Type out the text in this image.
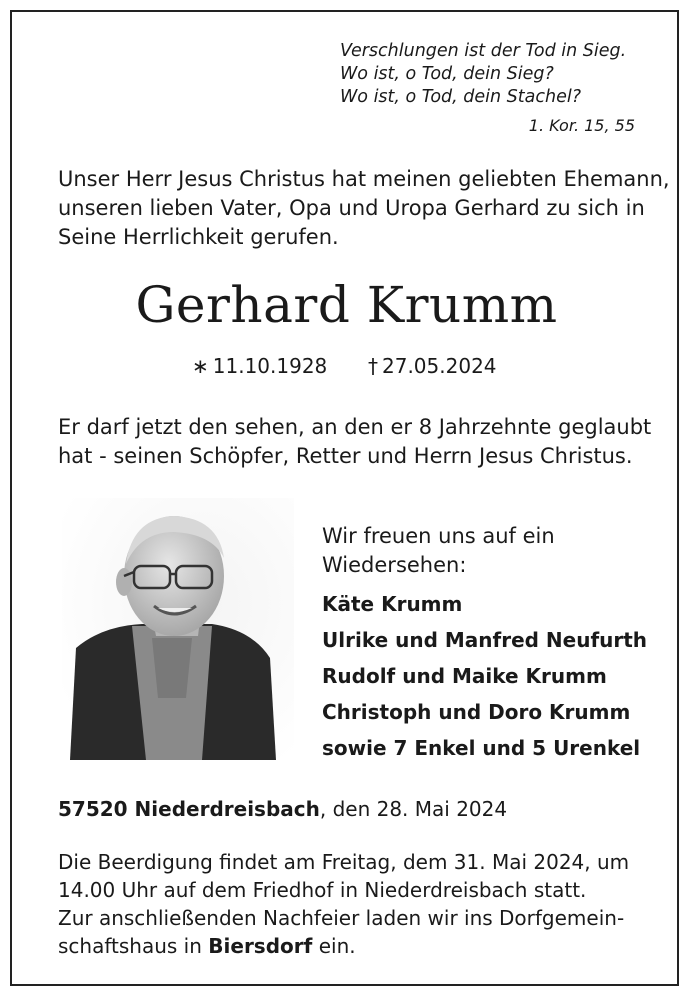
Verschlungen ist der Tod in Sieg.
Wo ist, o Tod, dein Sieg?
Wo ist, o Tod, dein Stachel?
1. Kor. 15, 55
Unser Herr Jesus Christus hat meinen geliebten Ehemann,
unseren lieben Vater, Opa und Uropa Gerhard zu sich in
Seine Herrlichkeit gerufen.
Gerhard Krumm
∗ 11.10.1928 † 27.05.2024
Er darf jetzt den sehen, an den er 8 Jahrzehnte geglaubt
hat - seinen Schöpfer, Retter und Herrn Jesus Christus.
Wir freuen uns auf ein
Wiedersehen:
Käte Krumm
Ulrike und Manfred Neufurth
Rudolf und Maike Krumm
Christoph und Doro Krumm
sowie 7 Enkel und 5 Urenkel
57520 Niederdreisbach, den 28. Mai 2024
Die Beerdigung findet am Freitag, dem 31. Mai 2024, um
14.00 Uhr auf dem Friedhof in Niederdreisbach statt.
Zur anschließenden Nachfeier laden wir ins Dorfgemein-
schaftshaus in Biersdorf ein.
